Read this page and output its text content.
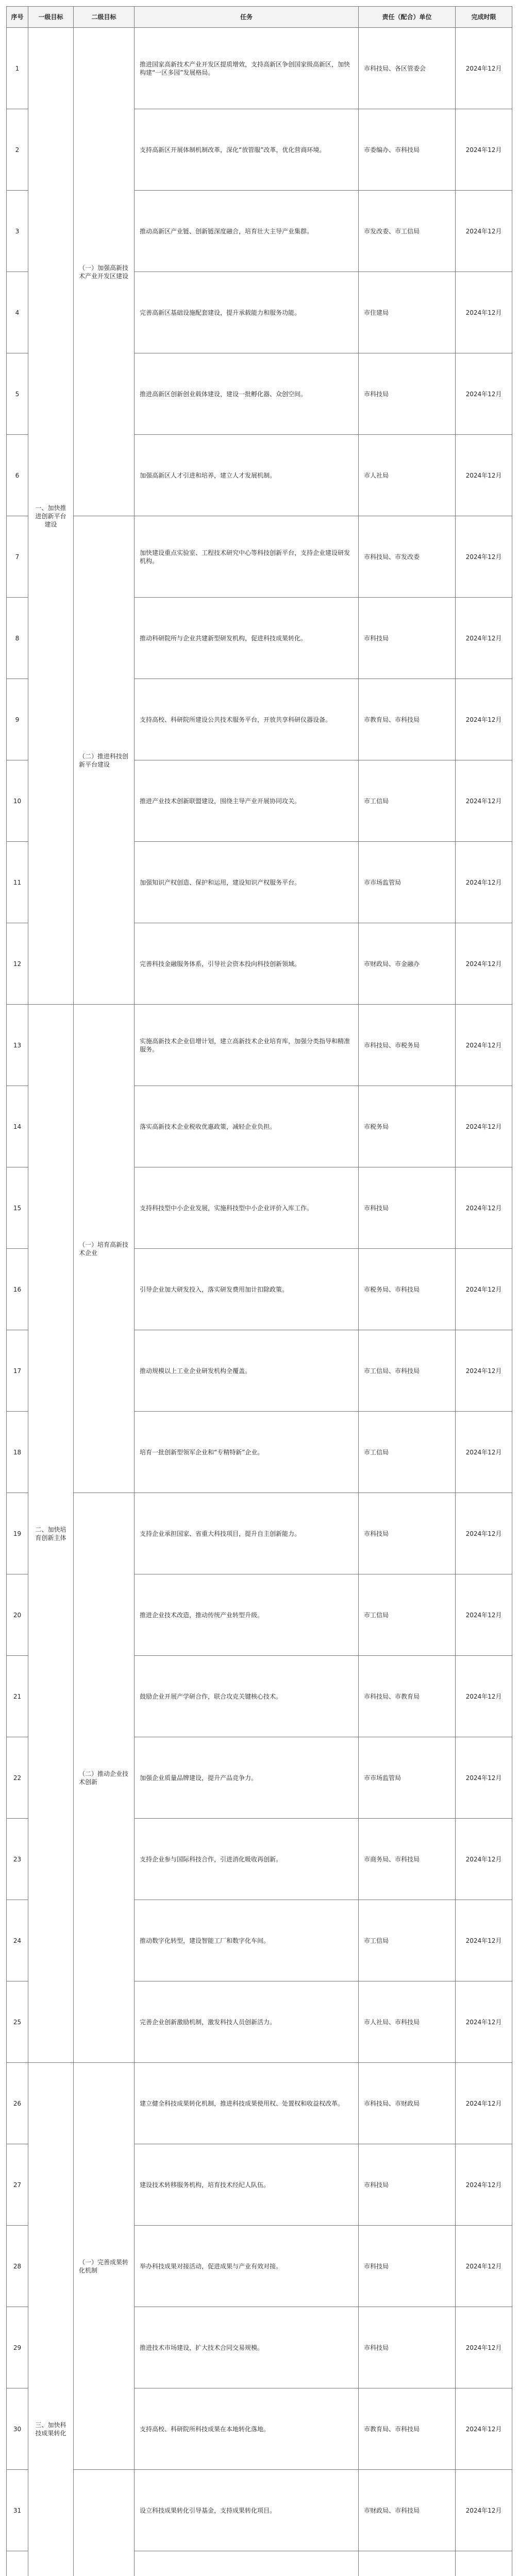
序号	一级目标	二级目标	任务	责任（配合）单位	完成时限
1	一、加快推进创新平台建设	（一）加强高新技术产业开发区建设	推进国家高新技术产业开发区提质增效，支持高新区争创国家级高新区，加快构建“一区多园”发展格局。	市科技局、各区管委会	2024年12月
2			支持高新区开展体制机制改革，深化“放管服”改革，优化营商环境。	市委编办、市科技局	2024年12月
3			推动高新区产业链、创新链深度融合，培育壮大主导产业集群。	市发改委、市工信局	2024年12月
4			完善高新区基础设施配套建设，提升承载能力和服务功能。	市住建局	2024年12月
5			推进高新区创新创业载体建设，建设一批孵化器、众创空间。	市科技局	2024年12月
6			加强高新区人才引进和培养，建立人才发展机制。	市人社局	2024年12月
7		（二）推进科技创新平台建设	加快建设重点实验室、工程技术研究中心等科技创新平台，支持企业建设研发机构。	市科技局、市发改委	2024年12月
8			推动科研院所与企业共建新型研发机构，促进科技成果转化。	市科技局	2024年12月
9			支持高校、科研院所建设公共技术服务平台，开放共享科研仪器设备。	市教育局、市科技局	2024年12月
10			推进产业技术创新联盟建设，围绕主导产业开展协同攻关。	市工信局	2024年12月
11			加强知识产权创造、保护和运用，建设知识产权服务平台。	市市场监管局	2024年12月
12			完善科技金融服务体系，引导社会资本投向科技创新领域。	市财政局、市金融办	2024年12月
13	二、加快培育创新主体	（一）培育高新技术企业	实施高新技术企业倍增计划，建立高新技术企业培育库，加强分类指导和精准服务。	市科技局、市税务局	2024年12月
14			落实高新技术企业税收优惠政策，减轻企业负担。	市税务局	2024年12月
15			支持科技型中小企业发展，实施科技型中小企业评价入库工作。	市科技局	2024年12月
16			引导企业加大研发投入，落实研发费用加计扣除政策。	市税务局、市科技局	2024年12月
17			推动规模以上工业企业研发机构全覆盖。	市工信局、市科技局	2024年12月
18			培育一批创新型领军企业和“专精特新”企业。	市工信局	2024年12月
19		（二）推动企业技术创新	支持企业承担国家、省重大科技项目，提升自主创新能力。	市科技局	2024年12月
20			推进企业技术改造，推动传统产业转型升级。	市工信局	2024年12月
21			鼓励企业开展产学研合作，联合攻克关键核心技术。	市科技局、市教育局	2024年12月
22			加强企业质量品牌建设，提升产品竞争力。	市市场监管局	2024年12月
23			支持企业参与国际科技合作，引进消化吸收再创新。	市商务局、市科技局	2024年12月
24			推动数字化转型，建设智能工厂和数字化车间。	市工信局	2024年12月
25			完善企业创新激励机制，激发科技人员创新活力。	市人社局、市科技局	2024年12月
26	三、加快科技成果转化	（一）完善成果转化机制	建立健全科技成果转化机制，推进科技成果使用权、处置权和收益权改革。	市科技局、市财政局	2024年12月
27			建设技术转移服务机构，培育技术经纪人队伍。	市科技局	2024年12月
28			举办科技成果对接活动，促进成果与产业有效对接。	市科技局	2024年12月
29			推进技术市场建设，扩大技术合同交易规模。	市科技局	2024年12月
30			支持高校、科研院所科技成果在本地转化落地。	市教育局、市科技局	2024年12月
31			设立科技成果转化引导基金，支持成果转化项目。	市财政局、市科技局	2024年12月
